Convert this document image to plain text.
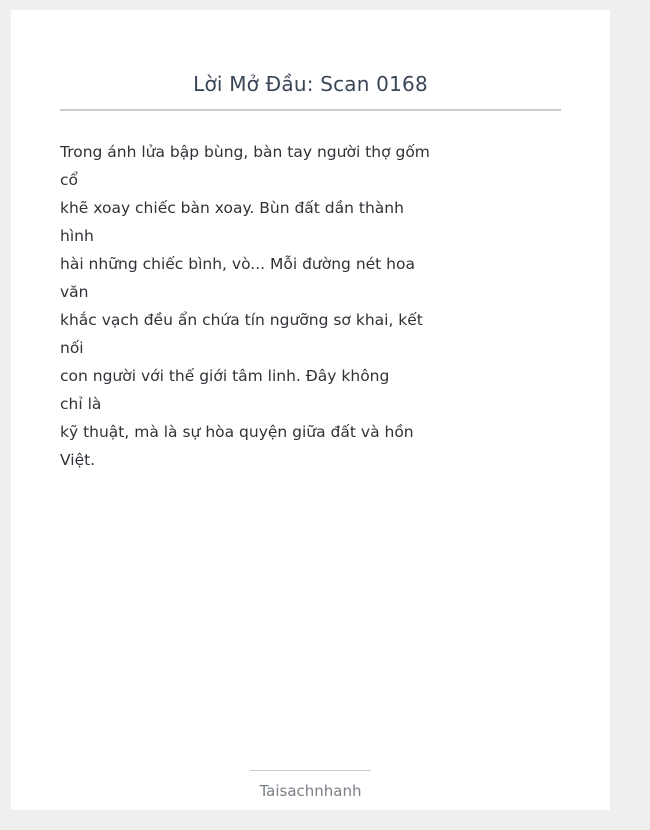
Lời Mở Đầu: Scan 0168
Trong ánh lửa bập bùng, bàn tay người thợ gốm
cổ
khẽ xoay chiếc bàn xoay. Bùn đất dần thành
hình
hài những chiếc bình, vò... Mỗi đường nét hoa
văn
khắc vạch đều ẩn chứa tín ngưỡng sơ khai, kết
nối
con người với thế giới tâm linh. Đây không
chỉ là
kỹ thuật, mà là sự hòa quyện giữa đất và hồn
Việt.
Taisachnhanh
